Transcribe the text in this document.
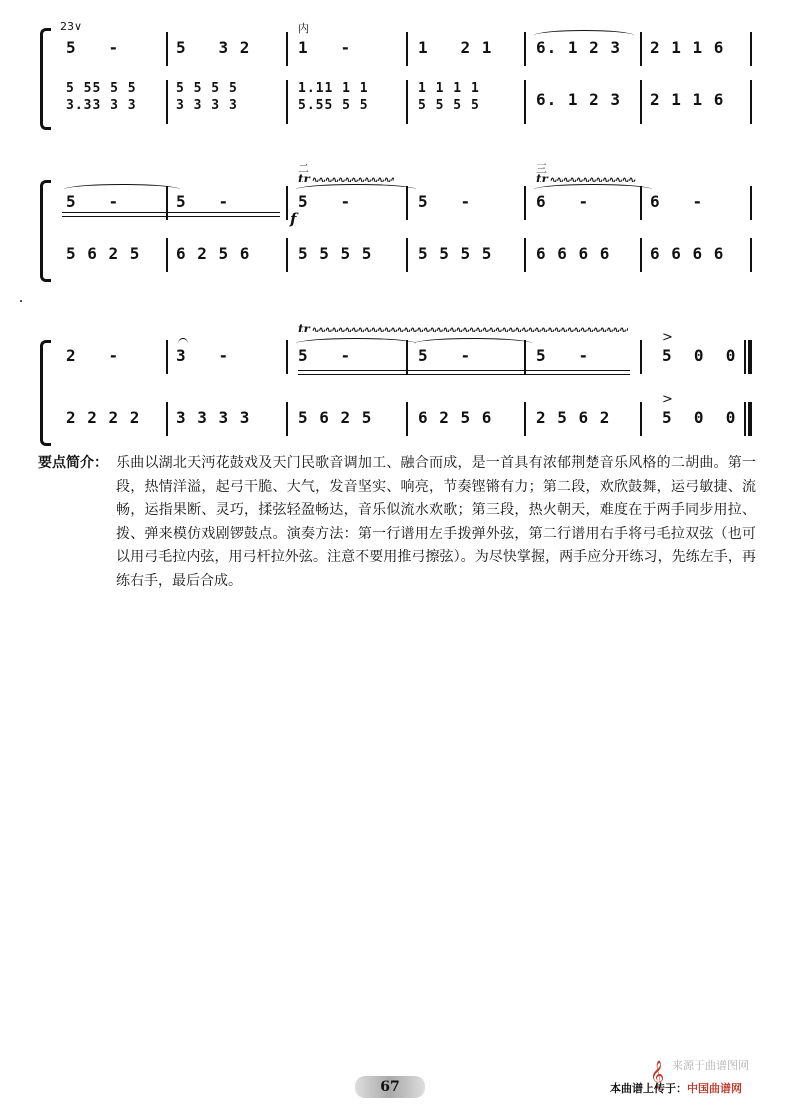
23∨
5   -	5   3 2
内
1   -	1   2 1	6. 1 2 3 2 1 1 6
5 55 5 5
3.33 3 3
5 5 5 5
3 3 3 3
1.11 1 1
5.55 5 5
1 1 1 1
5 5 5 5	6. 1 2 3 2 1 1 6
5   -	5   -
二
tr ∿∿∿∿∿∿∿∿∿∿∿∿∿∿∿∿∿∿∿∿∿∿∿∿∿∿∿∿∿∿∿∿∿∿∿∿∿∿∿∿∿∿∿∿∿∿∿∿∿∿∿∿∿∿∿∿∿∿∿∿∿∿∿∿∿∿∿∿∿∿∿∿∿∿∿
5   -	5   -
三
tr ∿∿∿∿∿∿∿∿∿∿∿∿∿∿∿∿∿∿∿∿∿∿∿∿∿∿∿∿∿∿∿∿∿∿∿∿∿∿∿∿∿∿∿∿∿∿∿∿∿∿∿∿∿∿∿∿∿∿∿∿∿∿∿∿∿∿∿∿∿∿∿∿∿∿∿
6   -	6   -
f
5 6 2 5 6 2 5 6	5 5 5 5	5 5 5 5	6 6 6 6 6 6 6 6
2   -	3   -
tr ∿∿∿∿∿∿∿∿∿∿∿∿∿∿∿∿∿∿∿∿∿∿∿∿∿∿∿∿∿∿∿∿∿∿∿∿∿∿∿∿∿∿∿∿∿∿∿∿∿∿∿∿∿∿∿∿∿∿∿∿∿∿∿∿∿∿∿∿∿∿∿∿∿∿∿
5   -	5   -	5   -
>
5  0  0
2 2 2 2 3 3 3 3	5 6 2 5	6 2 5 6	2 5 6 2
>
5  0  0
要点简介： 乐曲以湖北天沔花鼓戏及天门民歌音调加工、融合而成，是一首具有浓郁荆楚音乐风格的二胡曲。第一段，热情洋溢，起弓干脆、大气，发音坚实、响亮，节奏铿锵有力；第二段，欢欣鼓舞，运弓敏捷、流畅，运指果断、灵巧，揉弦轻盈畅达，音乐似流水欢歌；第三段，热火朝天，难度在于两手同步用拉、拨、弹来模仿戏剧锣鼓点。演奏方法：第一行谱用左手拨弹外弦，第二行谱用右手将弓毛拉双弦（也可以用弓毛拉内弦，用弓杆拉外弦。注意不要用推弓擦弦）。为尽快掌握，两手应分开练习，先练左手，再练右手，最后合成。
67
来源于曲谱图网
𝄞
本曲谱上传于：中国曲谱网
